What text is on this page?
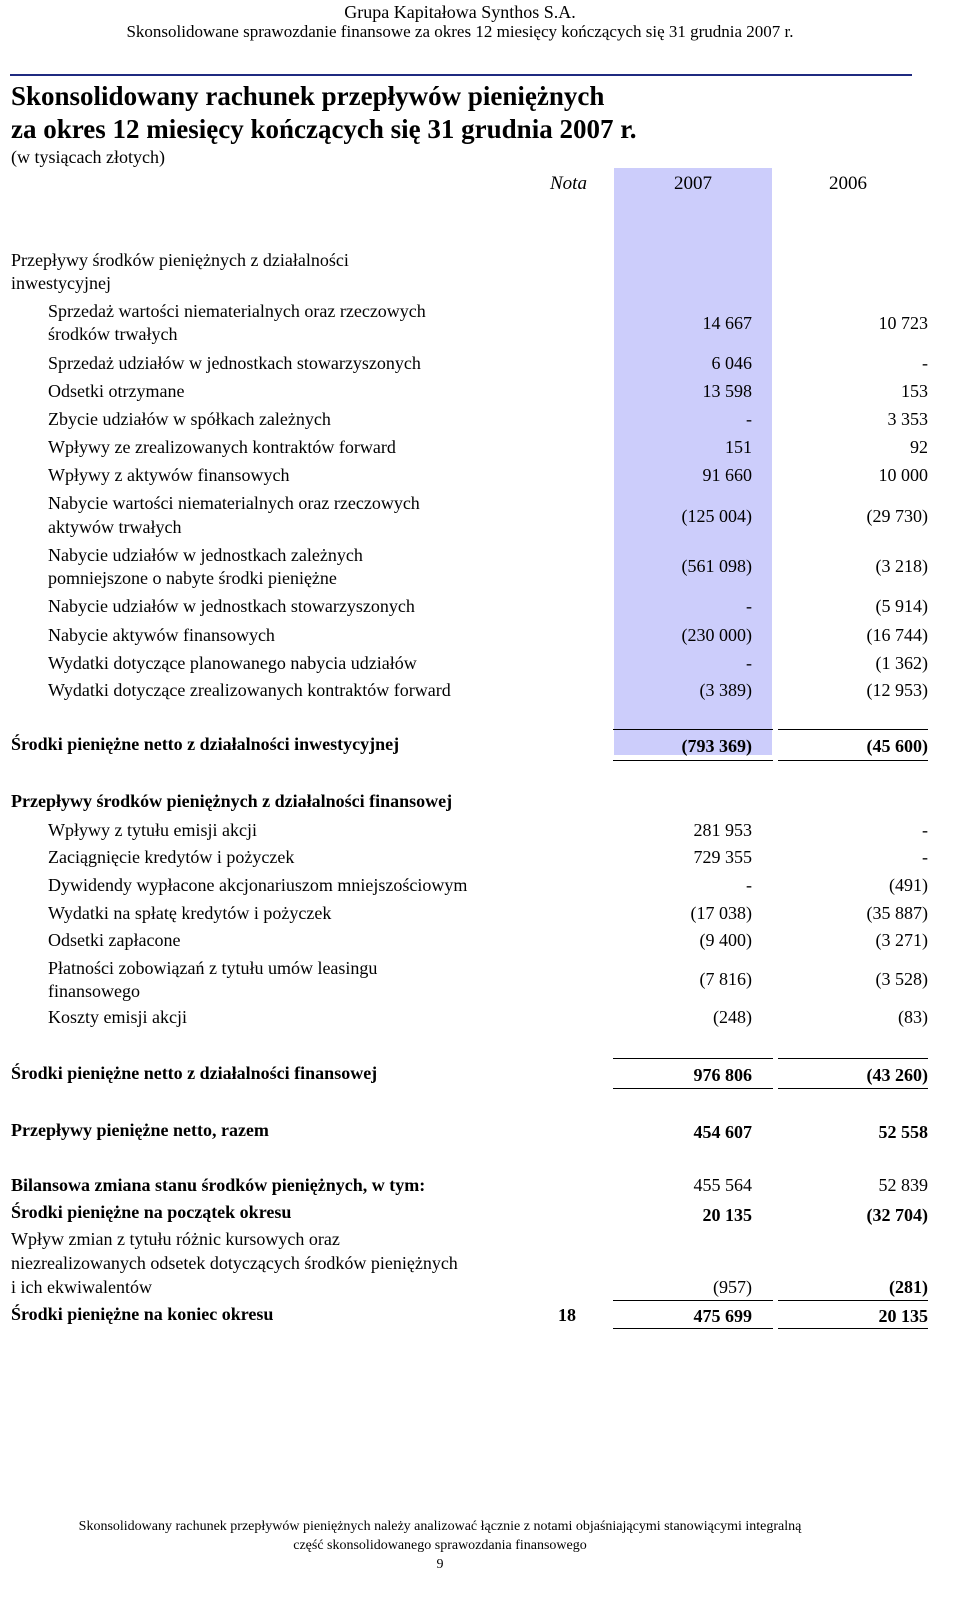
Grupa Kapitałowa Synthos S.A.
Skonsolidowane sprawozdanie finansowe za okres 12 miesięcy kończących się 31 grudnia 2007 r.
Skonsolidowany rachunek przepływów pieniężnych
za okres 12 miesięcy kończących się 31 grudnia 2007 r.
(w tysiącach złotych)
Nota	2007	2006
Przepływy środków pieniężnych z działalności
inwestycyjnej
Sprzedaż wartości niematerialnych oraz rzeczowych
środków trwałych
14 667	10 723
Sprzedaż udziałów w jednostkach stowarzyszonych	6 046	-
Odsetki otrzymane	13 598	153
Zbycie udziałów w spółkach zależnych	-	3 353
Wpływy ze zrealizowanych kontraktów forward	151	92
Wpływy z aktywów finansowych	91 660	10 000
Nabycie wartości niematerialnych oraz rzeczowych
aktywów trwałych
(125 004)	(29 730)
Nabycie udziałów w jednostkach zależnych
pomniejszone o nabyte środki pieniężne
(561 098)	(3 218)
Nabycie udziałów w jednostkach stowarzyszonych	-	(5 914)
Nabycie aktywów finansowych	(230 000)	(16 744)
Wydatki dotyczące planowanego nabycia udziałów	-	(1 362)
Wydatki dotyczące zrealizowanych kontraktów forward	(3 389)	(12 953)
Środki pieniężne netto z działalności inwestycyjnej	(793 369)	(45 600)
Przepływy środków pieniężnych z działalności finansowej
Wpływy z tytułu emisji akcji	281 953	-
Zaciągnięcie kredytów i pożyczek	729 355	-
Dywidendy wypłacone akcjonariuszom mniejszościowym	-	(491)
Wydatki na spłatę kredytów i pożyczek	(17 038)	(35 887)
Odsetki zapłacone	(9 400)	(3 271)
Płatności zobowiązań z tytułu umów leasingu
finansowego
(7 816)	(3 528)
Koszty emisji akcji	(248)	(83)
Środki pieniężne netto z działalności finansowej	976 806	(43 260)
Przepływy pieniężne netto, razem	454 607	52 558
Bilansowa zmiana stanu środków pieniężnych, w tym:	455 564	52 839
Środki pieniężne na początek okresu	20 135	(32 704)
Wpływ zmian z tytułu różnic kursowych oraz
niezrealizowanych odsetek dotyczących środków pieniężnych
i ich ekwiwalentów	(957)	(281)
Środki pieniężne na koniec okresu	18	475 699	20 135
Skonsolidowany rachunek przepływów pieniężnych należy analizować łącznie z notami objaśniającymi stanowiącymi integralną
część skonsolidowanego sprawozdania finansowego
9
